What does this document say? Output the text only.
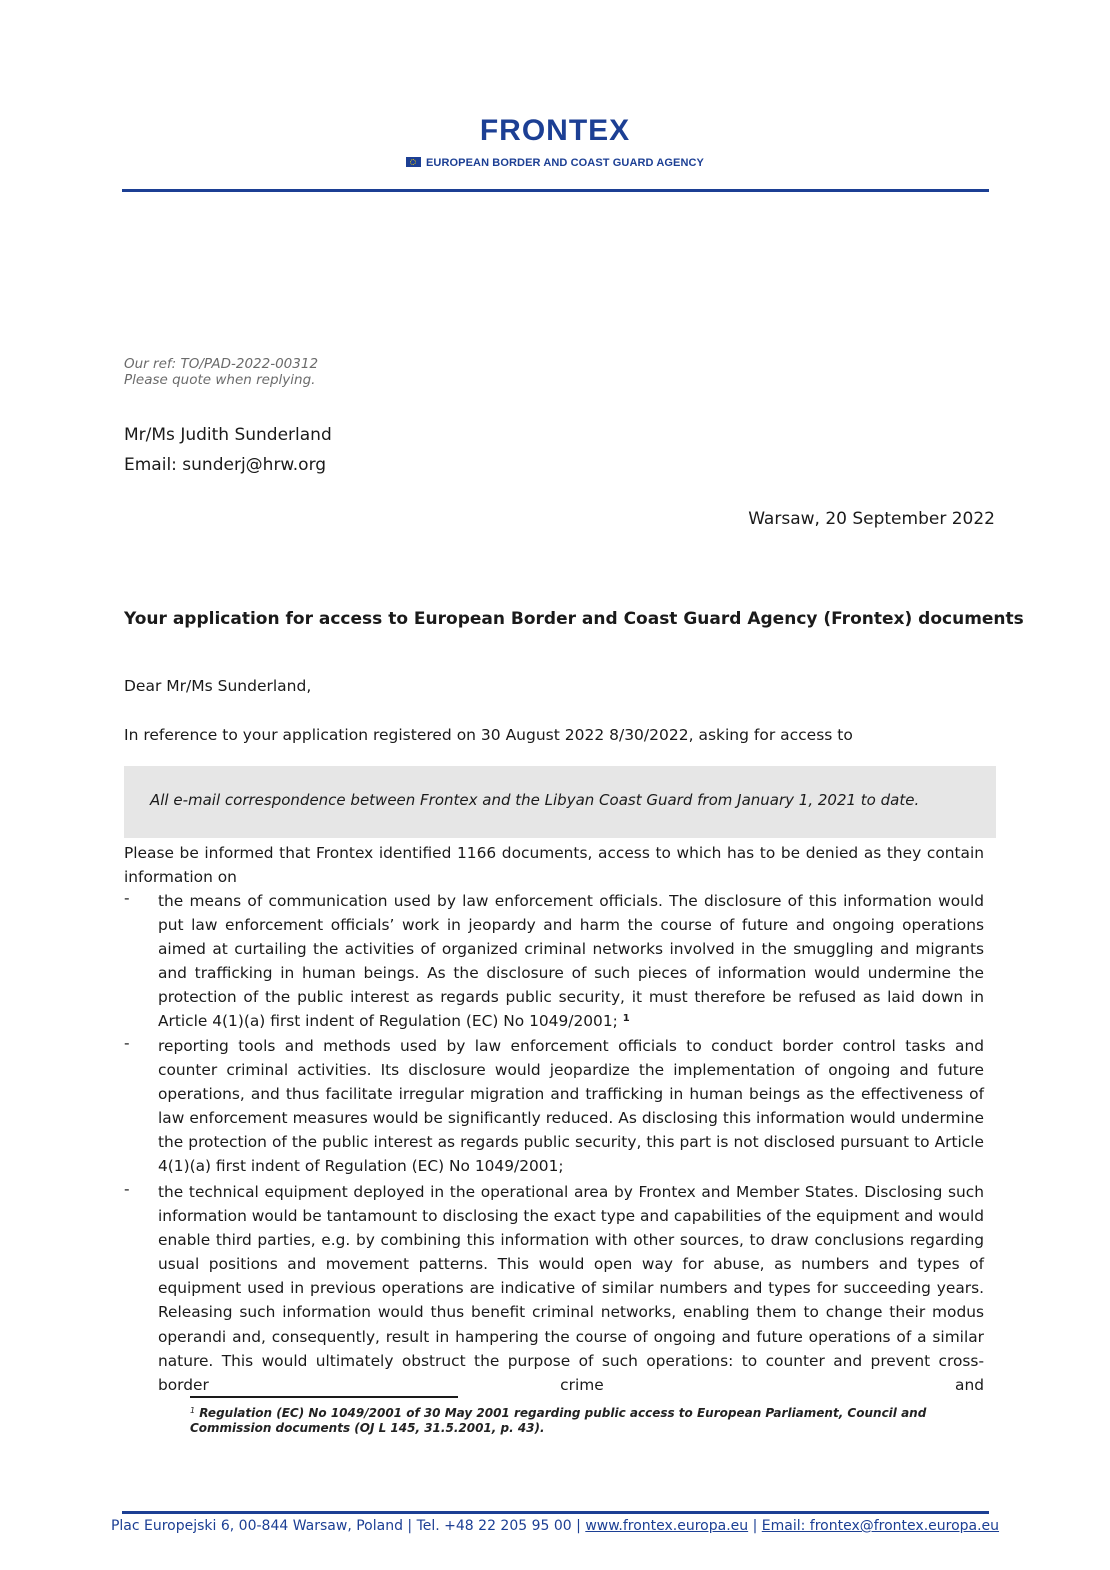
FRONTEX
EUROPEAN BORDER AND COAST GUARD AGENCY
Our ref: TO/PAD-2022-00312
Please quote when replying.
Mr/Ms Judith Sunderland
Email: sunderj@hrw.org
Warsaw, 20 September 2022
Your application for access to European Border and Coast Guard Agency (Frontex) documents
Dear Mr/Ms Sunderland,
In reference to your application registered on 30 August 2022 8/30/2022, asking for access to
All e-mail correspondence between Frontex and the Libyan Coast Guard from January 1, 2021 to date.
Please be informed that Frontex identified 1166 documents, access to which has to be denied as they contain information on
- the means of communication used by law enforcement officials. The disclosure of this information would put law enforcement officials’ work in jeopardy and harm the course of future and ongoing operations aimed at curtailing the activities of organized criminal networks involved in the smuggling and migrants and trafficking in human beings. As the disclosure of such pieces of information would undermine the protection of the public interest as regards public security, it must therefore be refused as laid down in Article 4(1)(a) first indent of Regulation (EC) No 1049/2001; $^1$
- reporting tools and methods used by law enforcement officials to conduct border control tasks and counter criminal activities. Its disclosure would jeopardize the implementation of ongoing and future operations, and thus facilitate irregular migration and trafficking in human beings as the effectiveness of law enforcement measures would be significantly reduced. As disclosing this information would undermine the protection of the public interest as regards public security, this part is not disclosed pursuant to Article 4(1)(a) first indent of Regulation (EC) No 1049/2001;
- the technical equipment deployed in the operational area by Frontex and Member States. Disclosing such information would be tantamount to disclosing the exact type and capabilities of the equipment and would enable third parties, e.g. by combining this information with other sources, to draw conclusions regarding usual positions and movement patterns. This would open way for abuse, as numbers and types of equipment used in previous operations are indicative of similar numbers and types for succeeding years. Releasing such information would thus benefit criminal networks, enabling them to change their modus operandi and, consequently, result in hampering the course of ongoing and future operations of a similar nature. This would ultimately obstruct the purpose of such operations: to counter and prevent cross-border crime and
$^1$ Regulation (EC) No 1049/2001 of 30 May 2001 regarding public access to European Parliament, Council and Commission documents (OJ L 145, 31.5.2001, p. 43).
Plac Europejski 6, 00-844 Warsaw, Poland | Tel. +48 22 205 95 00 | www.frontex.europa.eu | Email: frontex@frontex.europa.eu
